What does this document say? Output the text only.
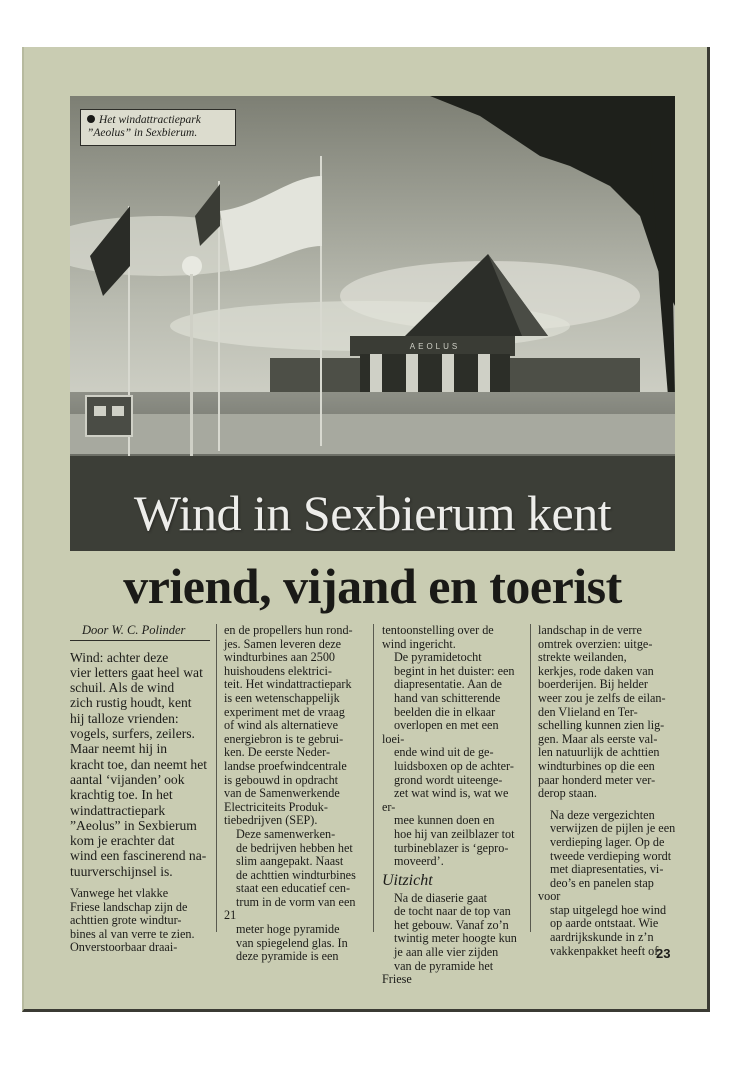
AEOLUS
Het windattractiepark
”Aeolus” in Sexbierum.
Wind in Sexbierum kent
vriend, vijand en toerist

Door W. C. Polinder

Wind: achter deze
vier letters gaat heel wat
schuil. Als de wind
zich rustig houdt, kent
hij talloze vrienden:
vogels, surfers, zeilers.
Maar neemt hij in
kracht toe, dan neemt het
aantal ‘vijanden’ ook
krachtig toe. In het
windattractiepark
”Aeolus” in Sexbierum
kom je erachter dat
wind een fascinerend na-
tuurverschijnsel is.
Vanwege het vlakke
Friese landschap zijn de
achttien grote windtur-
bines al van verre te zien.
Onverstoorbaar draai-
en de propellers hun rond-
jes. Samen leveren deze
windturbines aan 2500
huishoudens elektrici-
teit. Het windattractiepark
is een wetenschappelijk
experiment met de vraag
of wind als alternatieve
energiebron is te gebrui-
ken. De eerste Neder-
landse proefwindcentrale
is gebouwd in opdracht
van de Samenwerkende
Electriciteits Produk-
tiebedrijven (SEP).
Deze samenwerken-
de bedrijven hebben het
slim aangepakt. Naast
de achttien windturbines
staat een educatief cen-
trum in de vorm van een 21
meter hoge pyramide
van spiegelend glas. In
deze pyramide is een
tentoonstelling over de
wind ingericht.
De pyramidetocht
begint in het duister: een
diapresentatie. Aan de
hand van schitterende
beelden die in elkaar
overlopen en met een loei-
ende wind uit de ge-
luidsboxen op de achter-
grond wordt uiteenge-
zet wat wind is, wat we er-
mee kunnen doen en
hoe hij van zeilblazer tot
turbineblazer is ‘gepro-
moveerd’.

Uitzicht

Na de diaserie gaat
de tocht naar de top van
het gebouw. Vanaf zo’n
twintig meter hoogte kun
je aan alle vier zijden
van de pyramide het Friese
landschap in de verre
omtrek overzien: uitge-
strekte weilanden,
kerkjes, rode daken van
boerderijen. Bij helder
weer zou je zelfs de eilan-
den Vlieland en Ter-
schelling kunnen zien lig-
gen. Maar als eerste val-
len natuurlijk de achttien
windturbines op die een
paar honderd meter ver-
derop staan.
Na deze vergezichten
verwijzen de pijlen je een
verdieping lager. Op de
tweede verdieping wordt
met diapresentaties, vi-
deo’s en panelen stap voor
stap uitgelegd hoe wind
op aarde ontstaat. Wie
aardrijkskunde in z’n
vakkenpakket heeft of
23
